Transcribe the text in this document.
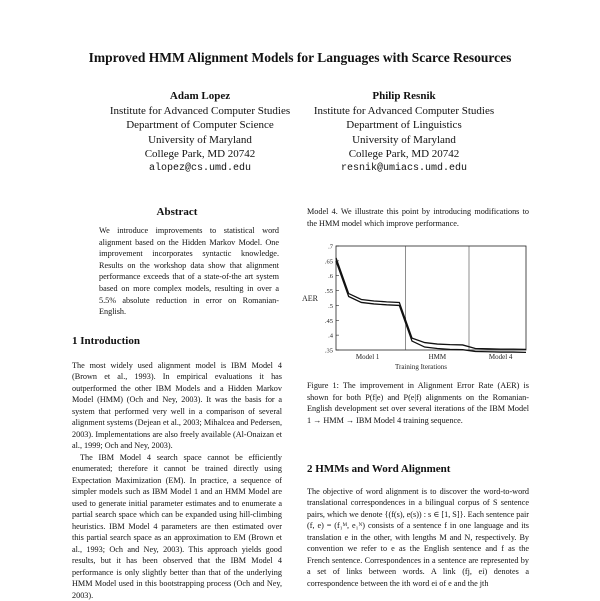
Improved HMM Alignment Models for Languages with Scarce Resources
Adam Lopez
Institute for Advanced Computer Studies
Department of Computer Science
University of Maryland
College Park, MD 20742
alopez@cs.umd.edu
Philip Resnik
Institute for Advanced Computer Studies
Department of Linguistics
University of Maryland
College Park, MD 20742
resnik@umiacs.umd.edu
Abstract
We introduce improvements to statistical word alignment based on the Hidden Markov Model. One improvement incorporates syntactic knowledge. Results on the workshop data show that alignment performance exceeds that of a state-of-the art system based on more complex models, resulting in over a 5.5% absolute reduction in error on Romanian-English.
1 Introduction

The most widely used alignment model is IBM Model 4 (Brown et al., 1993). In empirical evaluations it has outperformed the other IBM Models and a Hidden Markov Model (HMM) (Och and Ney, 2003). It was the basis for a system that performed very well in a comparison of several alignment systems (Dejean et al., 2003; Mihalcea and Pedersen, 2003). Implementations are also freely available (Al-Onaizan et al., 1999; Och and Ney, 2003).

The IBM Model 4 search space cannot be efficiently enumerated; therefore it cannot be trained directly using Expectation Maximization (EM). In practice, a sequence of simpler models such as IBM Model 1 and an HMM Model are used to generate initial parameter estimates and to enumerate a partial search space which can be expanded using hill-climbing heuristics. IBM Model 4 parameters are then estimated over this partial search space as an approximation to EM (Brown et al., 1993; Och and Ney, 2003). This approach yields good results, but it has been observed that the IBM Model 4 performance is only slightly better than that of the underlying HMM Model used in this bootstrapping process (Och and Ney, 2003).

Model 4. We illustrate this point by introducing modifications to the HMM model which improve performance.

.7
.65
.6
.55
.5
.45
.4
.35
AER
Model 1	HMM	Model 4
Training Iterations

Figure 1: The improvement in Alignment Error Rate (AER) is shown for both P(f|e) and P(e|f) alignments on the Romanian-English development set over several iterations of the IBM Model 1 → HMM → IBM Model 4 training sequence.

2 HMMs and Word Alignment

The objective of word alignment is to discover the word-to-word translational correspondences in a bilingual corpus of S sentence pairs, which we denote {(f(s), e(s)) : s ∈ [1, S]}. Each sentence pair (f, e) = (f₁ᴹ, e₁ᴺ) consists of a sentence f in one language and its translation e in the other, with lengths M and N, respectively. By convention we refer to e as the English sentence and f as the French sentence. Correspondences in a sentence are represented by a set of links between words. A link (fj, ei) denotes a correspondence between the ith word ei of e and the jth
